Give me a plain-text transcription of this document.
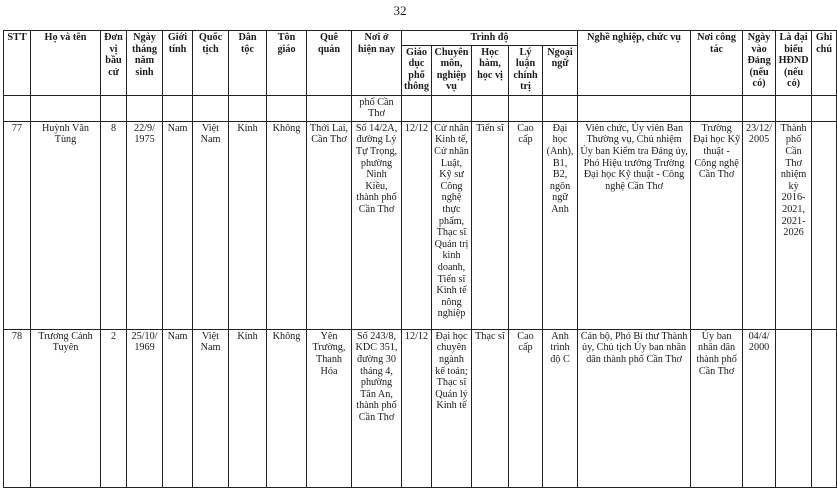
32
STT	Họ và tên	Đơn vị bầu cử	Ngày tháng năm sinh	Giới tính	Quốc tịch	Dân tộc	Tôn giáo	Quê quán	Nơi ở hiện nay	Trình độ					Nghề nghiệp, chức vụ	Nơi công tác	Ngày vào Đảng (nếu có)	Là đại biểu HĐND (nếu có)	Ghi chú
										Giáo dục phổ thông	Chuyên môn, nghiệp vụ	Học hàm, học vị	Lý luận chính trị	Ngoại ngữ					
									phố Cần Thơ										
77	Huỳnh Văn Tùng	8	22/9/ 1975	Nam	Việt Nam	Kinh	Không	Thới Lai, Cần Thơ	Số 14/2A, đường Lý Tự Trọng, phường Ninh Kiều, thành phố Cần Thơ	12/12	Cử nhân Kinh tế, Cử nhân Luật, Kỹ sư Công nghệ thực phẩm, Thạc sĩ Quản trị kinh doanh, Tiến sĩ Kinh tế nông nghiệp	Tiến sĩ	Cao cấp	Đại học (Anh), B1, B2, ngôn ngữ Anh	Viên chức, Ủy viên Ban Thường vụ, Chủ nhiệm Ủy ban Kiểm tra Đảng ủy, Phó Hiệu trưởng Trường Đại học Kỹ thuật - Công nghệ Cần Thơ	Trường Đại học Kỹ thuật - Công nghệ Cần Thơ	23/12/ 2005	Thành phố Cần Thơ nhiệm kỳ 2016-2021, 2021-2026	
78	Trương Cảnh Tuyên	2	25/10/ 1969	Nam	Việt Nam	Kinh	Không	Yên Trường, Thanh Hóa	Số 243/8, KDC 351, đường 30 tháng 4, phường Tân An, thành phố Cần Thơ	12/12	Đại học chuyên ngành kế toán; Thạc sĩ Quản lý Kinh tế	Thạc sĩ	Cao cấp	Anh trình độ C	Cán bộ, Phó Bí thư Thành ủy, Chủ tịch Ủy ban nhân dân thành phố Cần Thơ	Ủy ban nhân dân thành phố Cần Thơ	04/4/ 2000		
